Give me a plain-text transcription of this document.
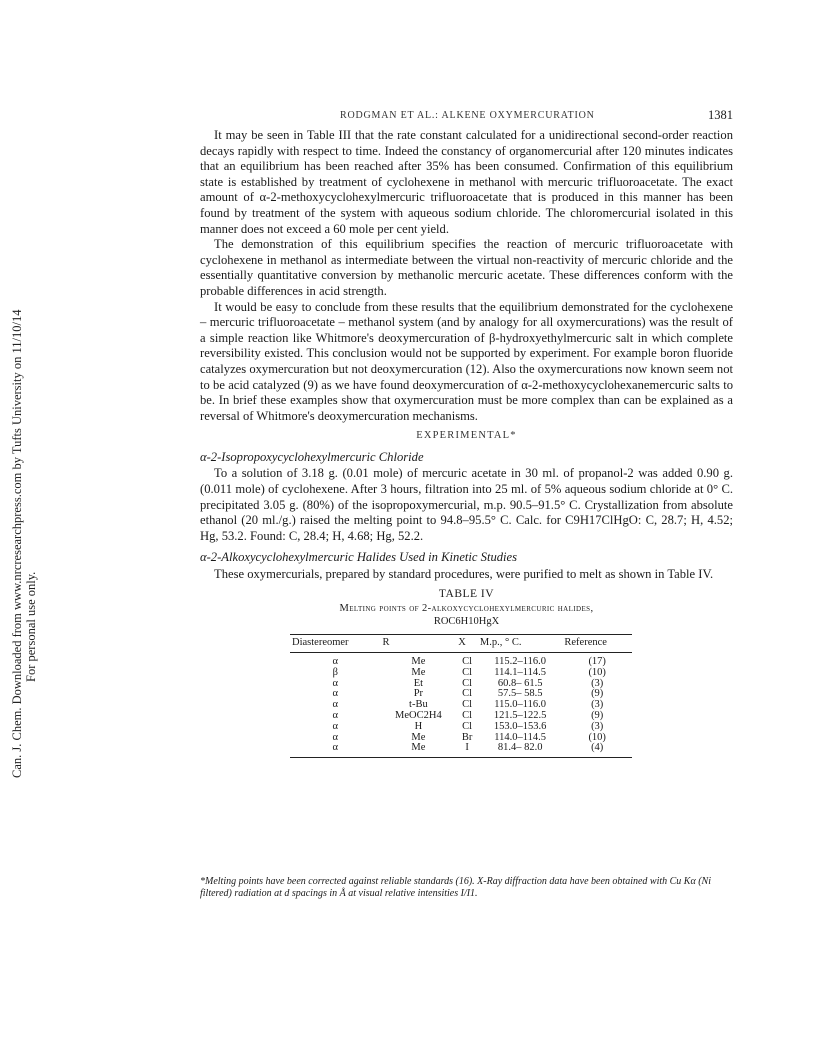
Can. J. Chem. Downloaded from www.nrcresearchpress.com by Tufts University on 11/10/14 For personal use only.
RODGMAN ET AL.: ALKENE OXYMERCURATION	1381

It may be seen in Table III that the rate constant calculated for a unidirectional second-order reaction decays rapidly with respect to time. Indeed the constancy of organomercurial after 120 minutes indicates that an equilibrium has been reached after 35% has been consumed. Confirmation of this equilibrium state is established by treatment of cyclohexene in methanol with mercuric trifluoroacetate. The exact amount of α-2-methoxycyclohexylmercuric trifluoroacetate that is produced in this manner has been found by treatment of the system with aqueous sodium chloride. The chloromercurial isolated in this manner does not exceed a 60 mole per cent yield.

The demonstration of this equilibrium specifies the reaction of mercuric trifluoroacetate with cyclohexene in methanol as intermediate between the virtual non-reactivity of mercuric chloride and the essentially quantitative conversion by methanolic mercuric acetate. These differences conform with the probable differences in acid strength.

It would be easy to conclude from these results that the equilibrium demonstrated for the cyclohexene – mercuric trifluoroacetate – methanol system (and by analogy for all oxymercurations) was the result of a simple reaction like Whitmore's deoxymercuration of β-hydroxyethylmercuric salt in which complete reversibility existed. This conclusion would not be supported by experiment. For example boron fluoride catalyzes oxymercuration but not deoxymercuration (12). Also the oxymercurations now known seem not to be acid catalyzed (9) as we have found deoxymercuration of α-2-methoxycyclohexanemercuric salts to be. In brief these examples show that oxymercuration must be more complex than can be explained as a reversal of Whitmore's deoxymercuration mechanisms.

EXPERIMENTAL*
α-2-Isopropoxycyclohexylmercuric Chloride

To a solution of 3.18 g. (0.01 mole) of mercuric acetate in 30 ml. of propanol-2 was added 0.90 g. (0.011 mole) of cyclohexene. After 3 hours, filtration into 25 ml. of 5% aqueous sodium chloride at 0° C. precipitated 3.05 g. (80%) of the isopropoxymercurial, m.p. 90.5–91.5° C. Crystallization from absolute ethanol (20 ml./g.) raised the melting point to 94.8–95.5° C. Calc. for C9H17ClHgO: C, 28.7; H, 4.52; Hg, 53.2. Found: C, 28.4; H, 4.68; Hg, 52.2.

α-2-Alkoxycyclohexylmercuric Halides Used in Kinetic Studies

These oxymercurials, prepared by standard procedures, were purified to melt as shown in Table IV.

TABLE IV
Melting points of 2-alkoxycyclohexylmercuric halides,
ROC6H10HgX
Diastereomer	R	X	M.p., ° C.	Reference
α	Me	Cl	115.2–116.0	(17)
β	Me	Cl	114.1–114.5	(10)
α	Et	Cl	60.8– 61.5	(3)
α	Pr	Cl	57.5– 58.5	(9)
α	t-Bu	Cl	115.0–116.0	(3)
α	MeOC2H4	Cl	121.5–122.5	(9)
α	H	Cl	153.0–153.6	(3)
α	Me	Br	114.0–114.5	(10)
α	Me	I	81.4– 82.0	(4)
*Melting points have been corrected against reliable standards (16). X-Ray diffraction data have been obtained with Cu Kα (Ni filtered) radiation at d spacings in Å at visual relative intensities I/I1.
